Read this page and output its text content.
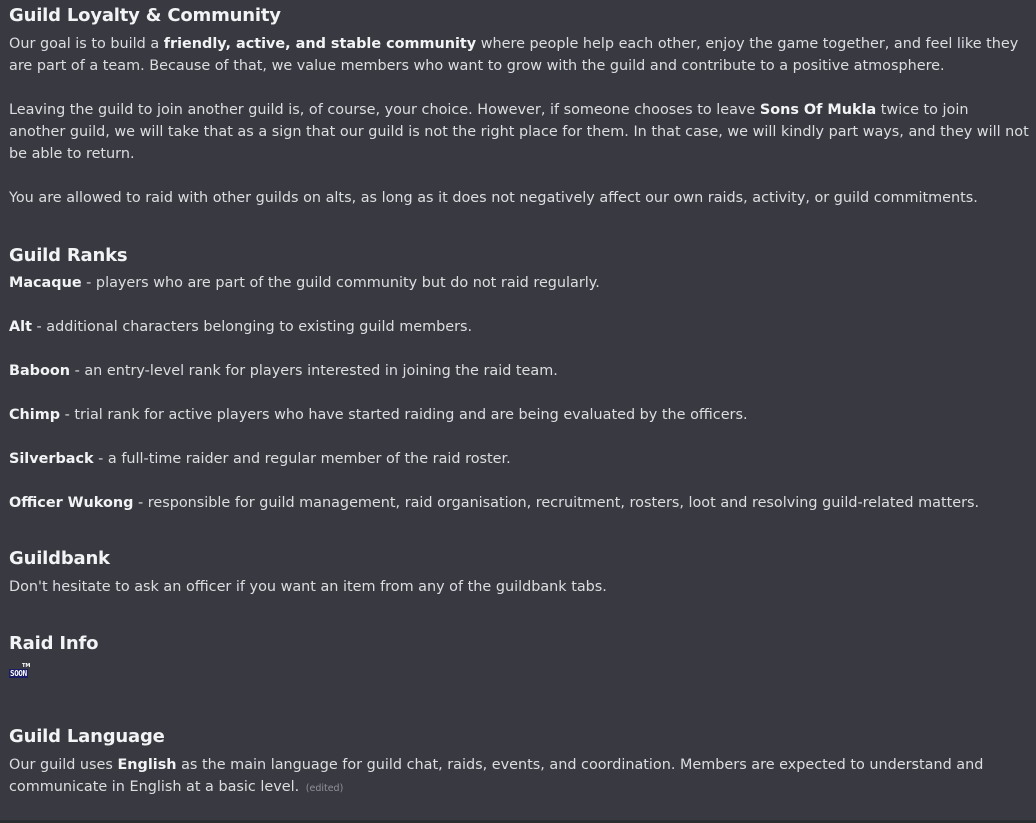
Guild Loyalty & Community

Our goal is to build a friendly, active, and stable community where people help each other, enjoy the game together, and feel like they are part of a team. Because of that, we value members who want to grow with the guild and contribute to a positive atmosphere.

Leaving the guild to join another guild is, of course, your choice. However, if someone chooses to leave Sons Of Mukla twice to join another guild, we will take that as a sign that our guild is not the right place for them. In that case, we will kindly part ways, and they will not be able to return.

You are allowed to raid with other guilds on alts, as long as it does not negatively affect our own raids, activity, or guild commitments.

Guild Ranks

Macaque - players who are part of the guild community but do not raid regularly.

Alt - additional characters belonging to existing guild members.

Baboon - an entry-level rank for players interested in joining the raid team.

Chimp - trial rank for active players who have started raiding and are being evaluated by the officers.

Silverback - a full-time raider and regular member of the raid roster.

Officer Wukong - responsible for guild management, raid organisation, recruitment, rosters, loot and resolving guild-related matters.

Guildbank

Don't hesitate to ask an officer if you want an item from any of the guildbank tabs.

Raid Info

SOON
TM

Guild Language

Our guild uses English as the main language for guild chat, raids, events, and coordination. Members are expected to understand and communicate in English at a basic level. (edited)
